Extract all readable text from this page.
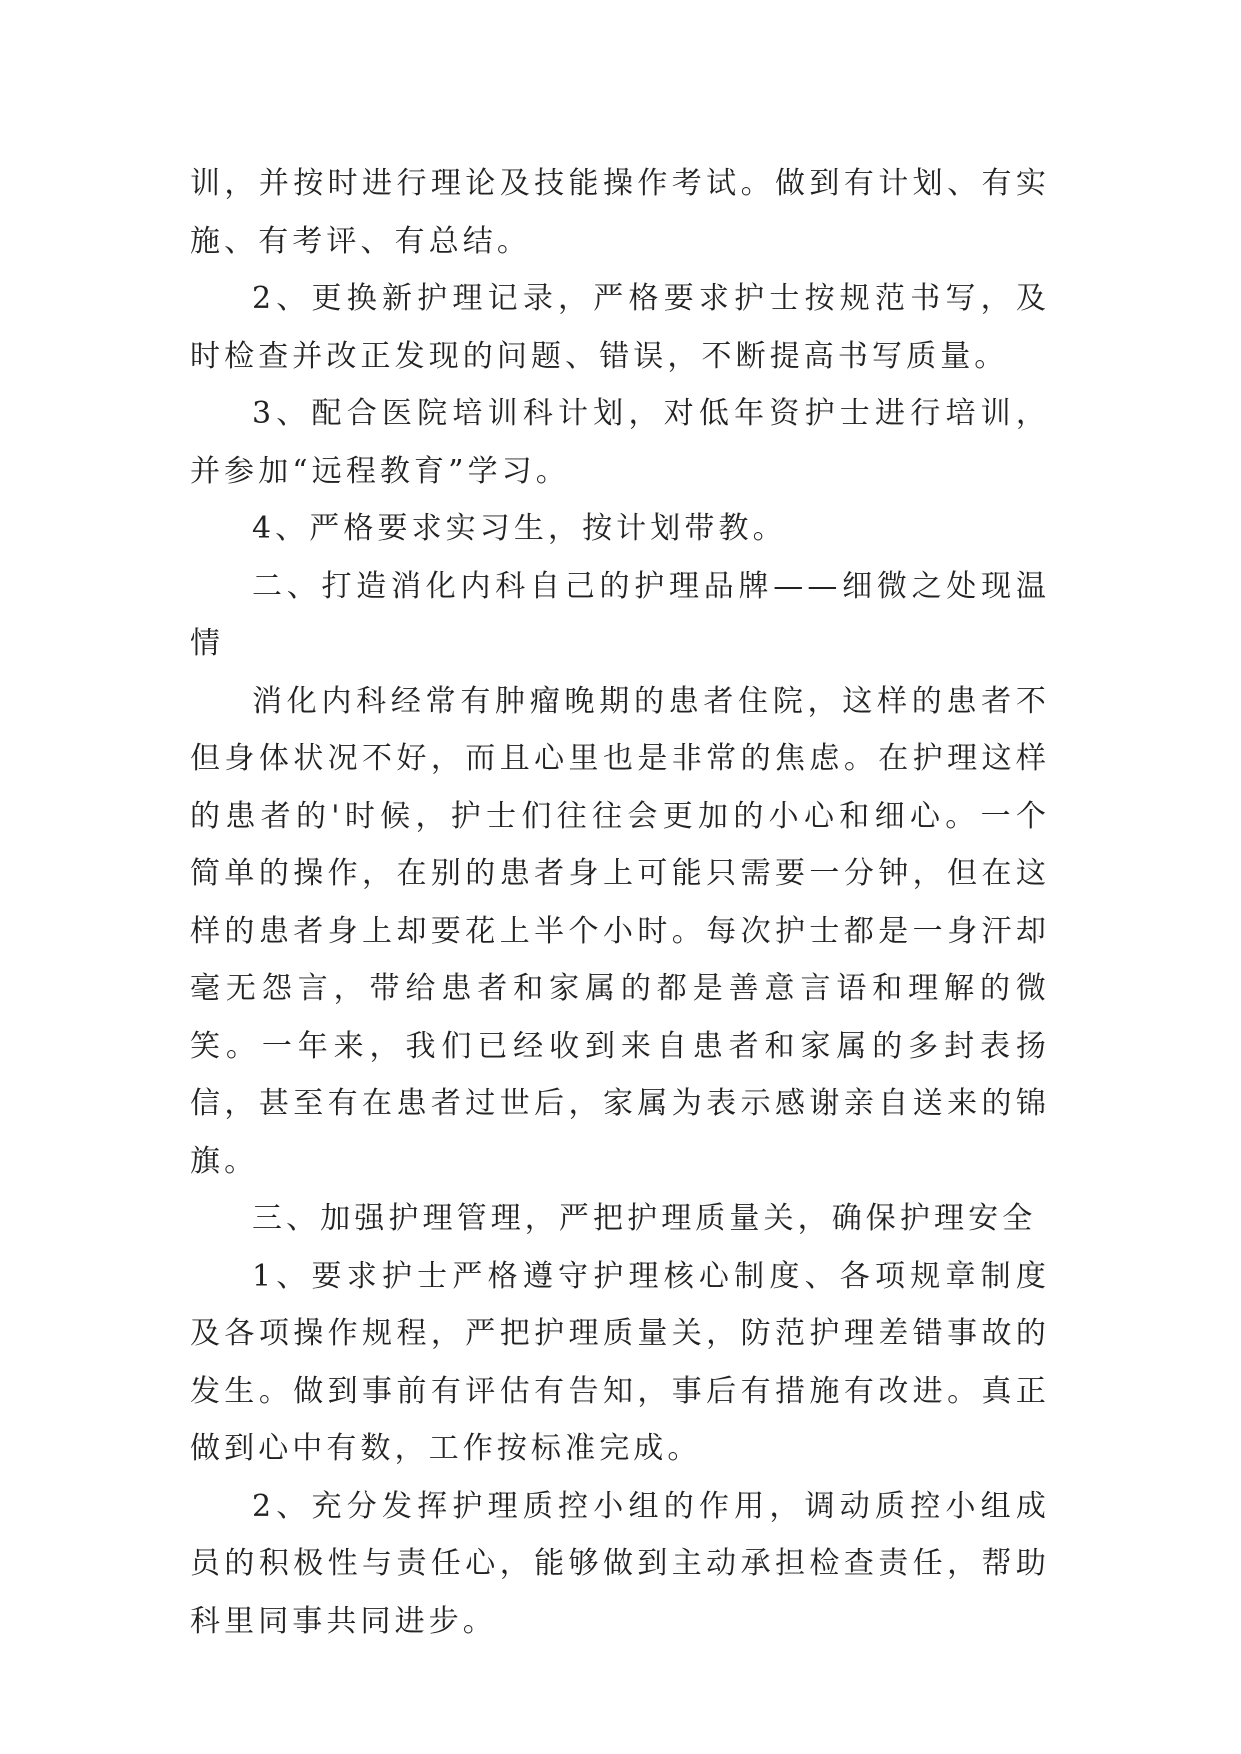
训，并按时进行理论及技能操作考试。做到有计划、有实施、有考评、有总结。

2、更换新护理记录，严格要求护士按规范书写，及时检查并改正发现的问题、错误，不断提高书写质量。

3、配合医院培训科计划，对低年资护士进行培训，并参加“远程教育”学习。

4、严格要求实习生，按计划带教。

二、打造消化内科自己的护理品牌——细微之处现温情

消化内科经常有肿瘤晚期的患者住院，这样的患者不但身体状况不好，而且心里也是非常的焦虑。在护理这样的患者的'时候，护士们往往会更加的小心和细心。一个简单的操作，在别的患者身上可能只需要一分钟，但在这样的患者身上却要花上半个小时。每次护士都是一身汗却毫无怨言，带给患者和家属的都是善意言语和理解的微笑。一年来，我们已经收到来自患者和家属的多封表扬信，甚至有在患者过世后，家属为表示感谢亲自送来的锦旗。

三、加强护理管理，严把护理质量关，确保护理安全

1、要求护士严格遵守护理核心制度、各项规章制度及各项操作规程，严把护理质量关，防范护理差错事故的发生。做到事前有评估有告知，事后有措施有改进。真正做到心中有数，工作按标准完成。

2、充分发挥护理质控小组的作用，调动质控小组成员的积极性与责任心，能够做到主动承担检查责任，帮助科里同事共同进步。
